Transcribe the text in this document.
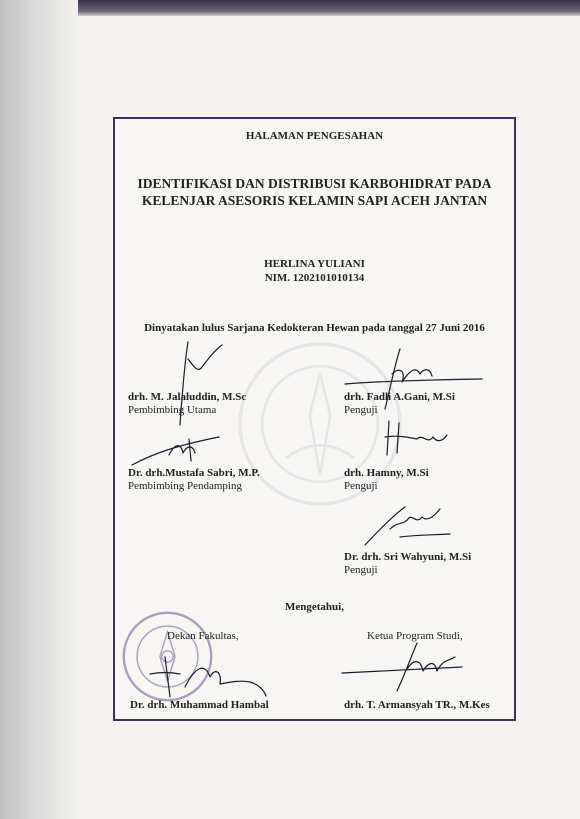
HALAMAN PENGESAHAN
IDENTIFIKASI DAN DISTRIBUSI KARBOHIDRAT PADA
KELENJAR ASESORIS KELAMIN SAPI ACEH JANTAN
HERLINA YULIANI
NIM. 1202101010134
Dinyatakan lulus Sarjana Kedokteran Hewan pada tanggal 27 Juni 2016
drh. M. Jalaluddin, M.Sc
Pembimbing Utama
drh. Fadli A.Gani, M.Si
Penguji
Dr. drh.Mustafa Sabri, M.P.
Pembimbing Pendamping
drh. Hamny, M.Si
Penguji
Dr. drh. Sri Wahyuni, M.Si
Penguji
Mengetahui,
Dekan Fakultas,	Ketua Program Studi,
Dr. drh. Muhammad Hambal	drh. T. Armansyah TR., M.Kes
